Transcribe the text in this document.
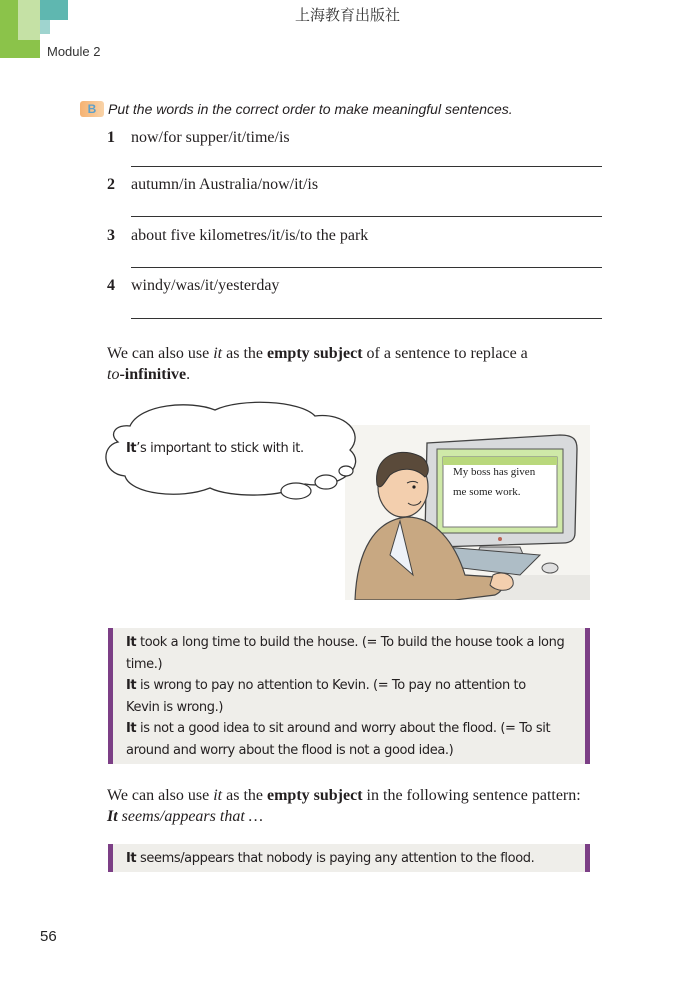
上海教育出版社
Module 2
B Put the words in the correct order to make meaningful sentences.
1	now/for supper/it/time/is
2	autumn/in Australia/now/it/is
3	about five kilometres/it/is/to the park
4	windy/was/it/yesterday
We can also use it as the empty subject of a sentence to replace a
to-infinitive.
It’s important to stick with it.
My boss has given
me some work.
It took a long time to build the house. (= To build the house took a long
time.)
It is wrong to pay no attention to Kevin. (= To pay no attention to
Kevin is wrong.)
It is not a good idea to sit around and worry about the flood. (= To sit
around and worry about the flood is not a good idea.)
We can also use it as the empty subject in the following sentence pattern:
It seems/appears that …
It seems/appears that nobody is paying any attention to the flood.
56
